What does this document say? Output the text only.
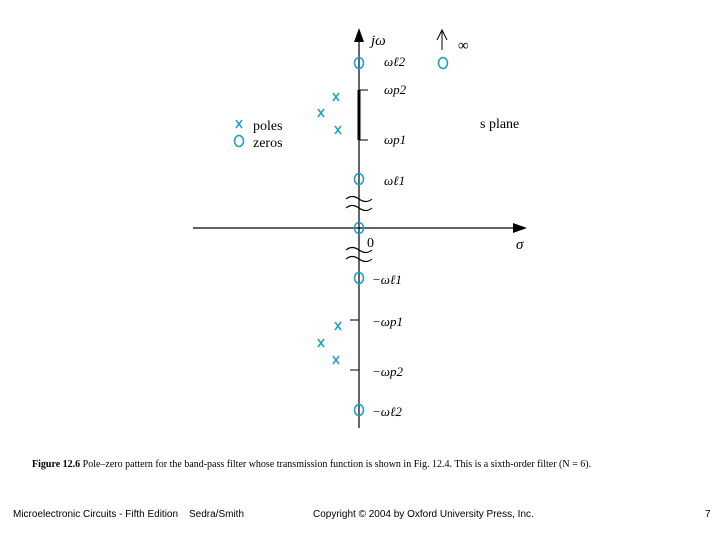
∞
jω
σ
0
s plane
poles
zeros
ωℓ2
ωp2
ωp1
ωℓ1
−ωℓ1
−ωp1
−ωp2
−ωℓ2
Figure 12.6 Pole–zero pattern for the band-pass filter whose transmission function is shown in Fig. 12.4. This is a sixth-order filter (N = 6).
Microelectronic Circuits - Fifth Edition Sedra/Smith	Copyright © 2004 by Oxford University Press, Inc.	7
